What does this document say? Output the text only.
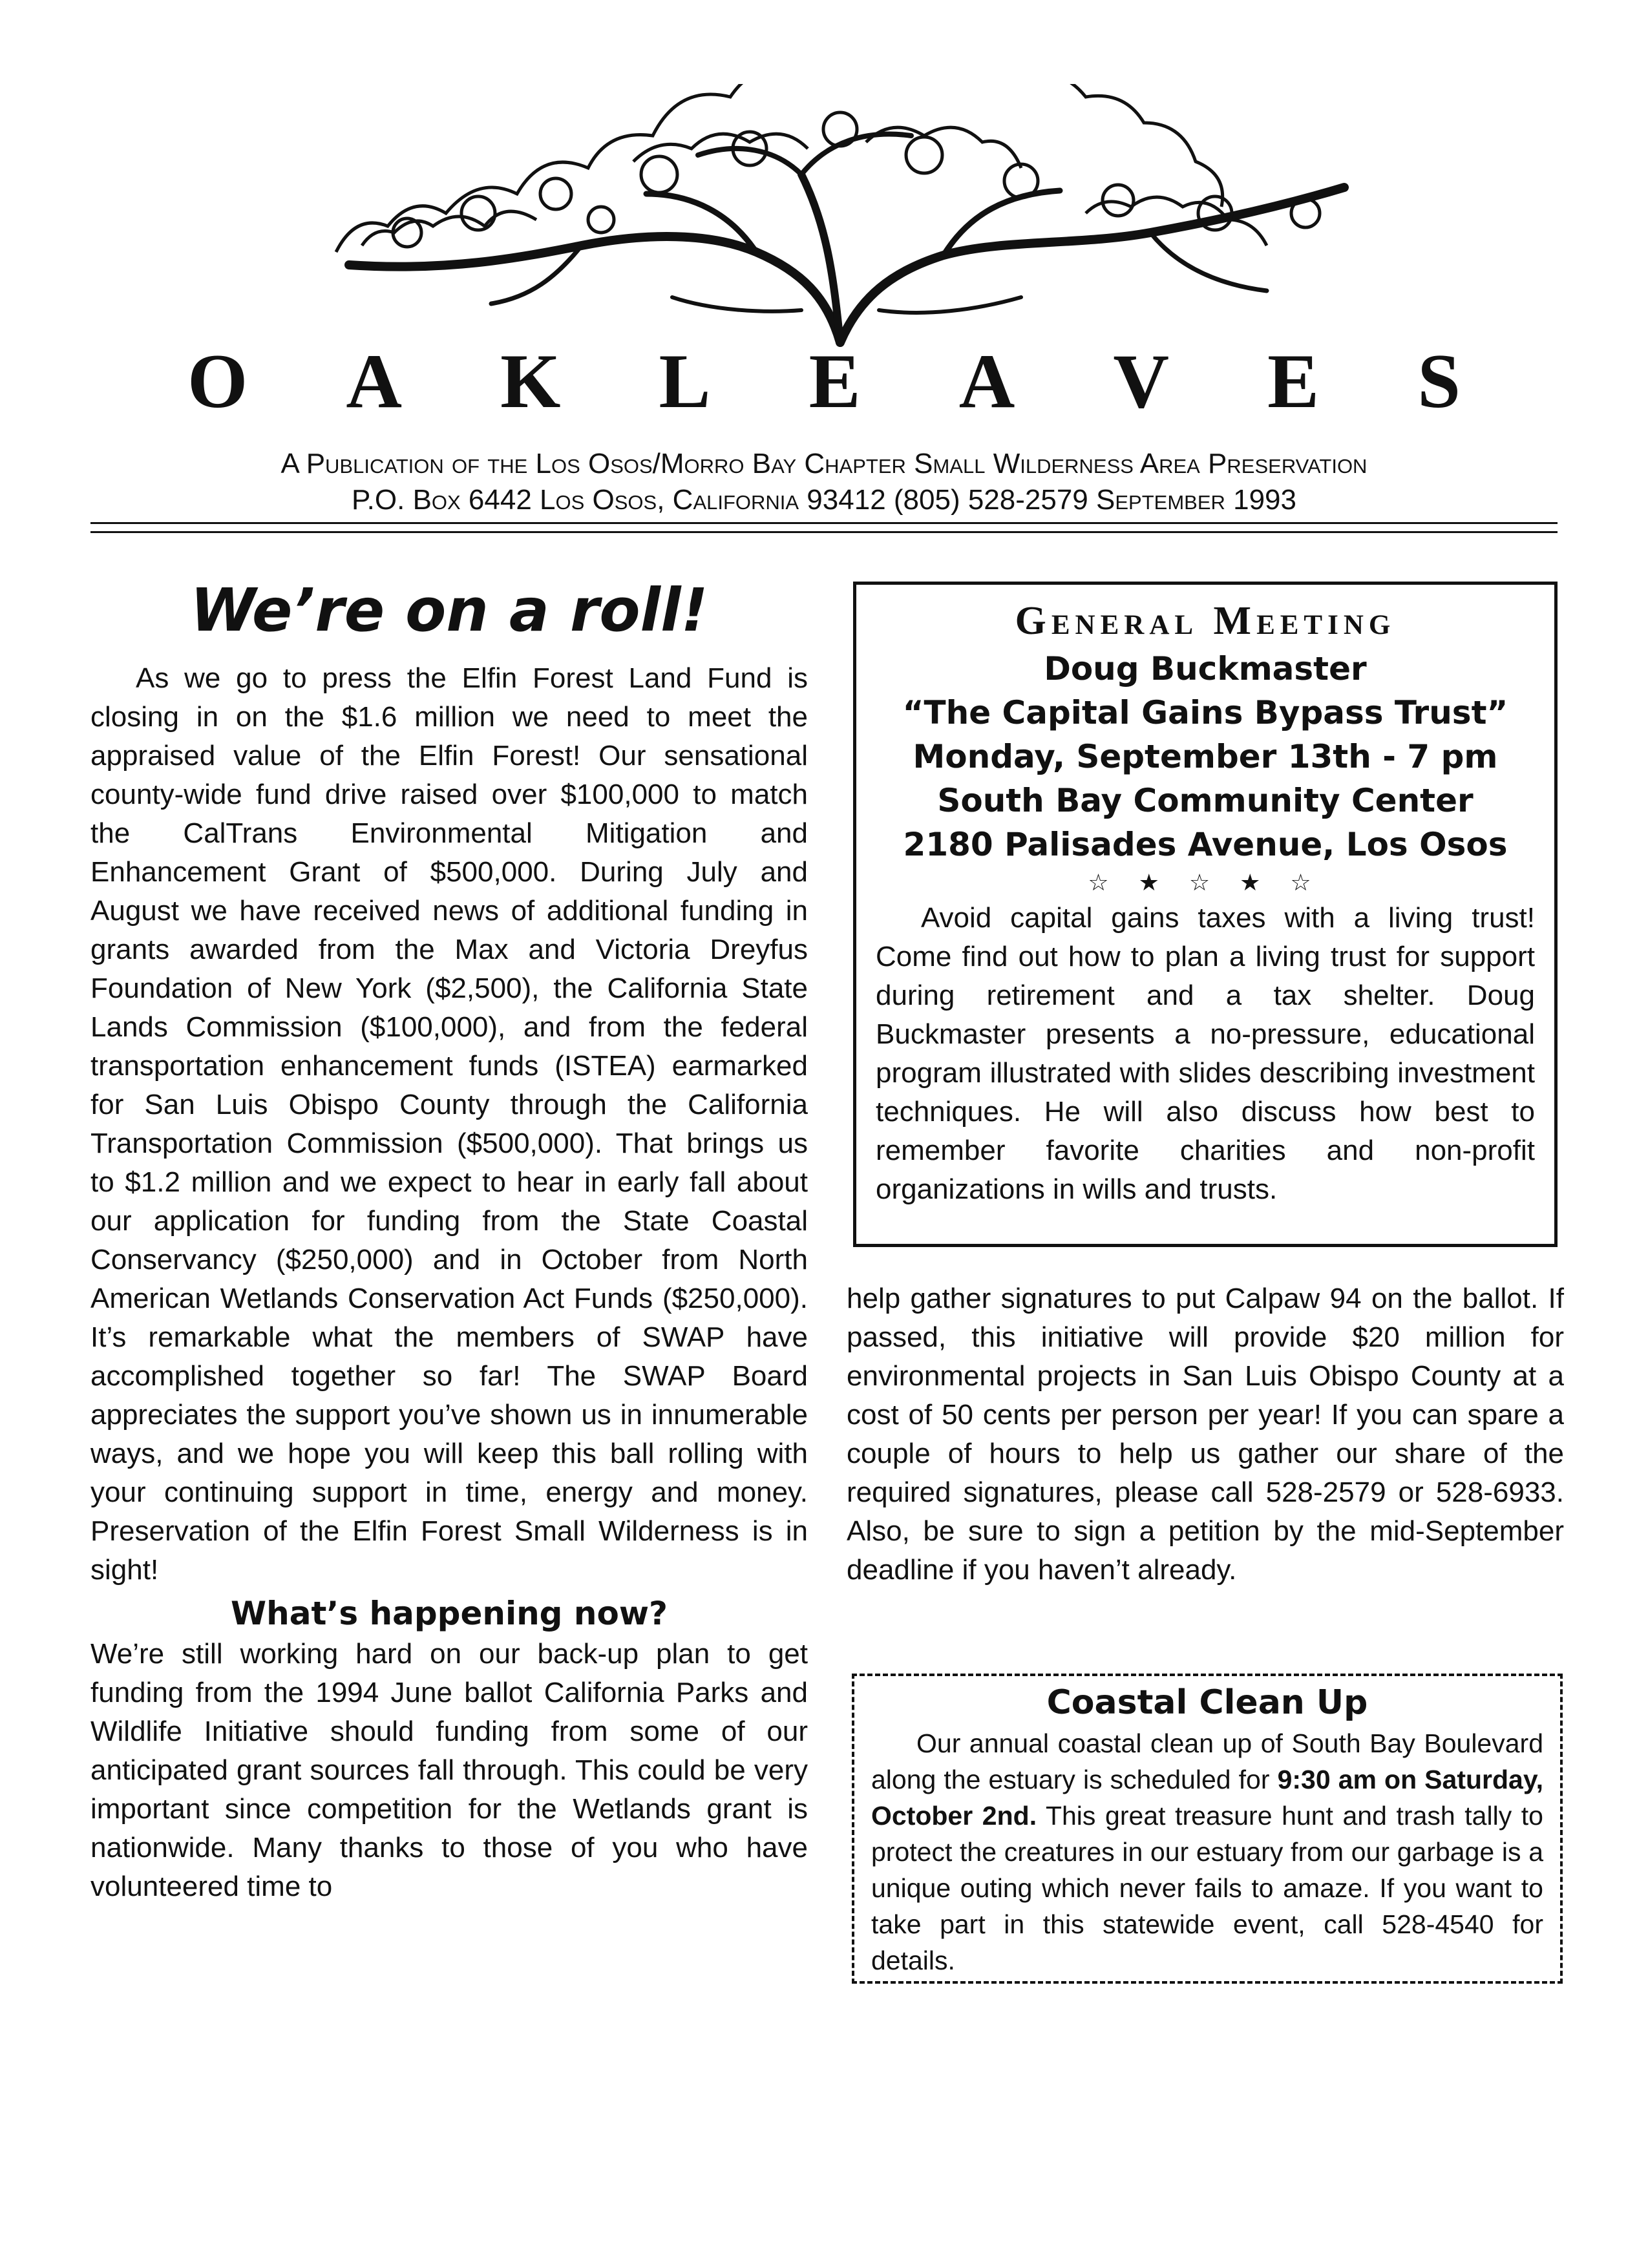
O A K L E A V E S
A Publication of the Los Osos/Morro Bay Chapter Small Wilderness Area Preservation
P.O. Box 6442 Los Osos, California 93412 (805) 528-2579 September 1993
We’re on a roll!

As we go to press the Elfin Forest Land Fund is closing in on the $1.6 million we need to meet the appraised value of the Elfin Forest! Our sensational county-wide fund drive raised over $100,000 to match the CalTrans Environmental Mitigation and Enhancement Grant of $500,000. During July and August we have received news of additional funding in grants awarded from the Max and Victoria Dreyfus Foundation of New York ($2,500), the California State Lands Commission ($100,000), and from the federal transportation enhancement funds (ISTEA) earmarked for San Luis Obispo County through the California Transportation Commission ($500,000). That brings us to $1.2 million and we expect to hear in early fall about our application for funding from the State Coastal Conservancy ($250,000) and in October from North American Wetlands Conservation Act Funds ($250,000). It’s remarkable what the members of SWAP have accomplished together so far! The SWAP Board appreciates the support you’ve shown us in innumerable ways, and we hope you will keep this ball rolling with your continuing support in time, energy and money. Preservation of the Elfin Forest Small Wilderness is in sight!

What’s happening now?

We’re still working hard on our back-up plan to get funding from the 1994 June ballot California Parks and Wildlife Initiative should funding from some of our anticipated grant sources fall through. This could be very important since competition for the Wetlands grant is nationwide. Many thanks to those of you who have volunteered time to

General Meeting
Doug Buckmaster
“The Capital Gains Bypass Trust”
Monday, September 13th - 7 pm
South Bay Community Center
2180 Palisades Avenue, Los Osos
☆ ★ ☆ ★ ☆

Avoid capital gains taxes with a living trust! Come find out how to plan a living trust for support during retirement and a tax shelter. Doug Buckmaster presents a no-pressure, educational program illustrated with slides describing investment techniques. He will also discuss how best to remember favorite charities and non-profit organizations in wills and trusts.

help gather signatures to put Calpaw 94 on the ballot. If passed, this initiative will provide $20 million for environmental projects in San Luis Obispo County at a cost of 50 cents per person per year! If you can spare a couple of hours to help us gather our share of the required signatures, please call 528-2579 or 528-6933. Also, be sure to sign a petition by the mid-September deadline if you haven’t already.

Coastal Clean Up

Our annual coastal clean up of South Bay Boulevard along the estuary is scheduled for 9:30 am on Saturday, October 2nd. This great treasure hunt and trash tally to protect the creatures in our estuary from our garbage is a unique outing which never fails to amaze. If you want to take part in this statewide event, call 528-4540 for details.
